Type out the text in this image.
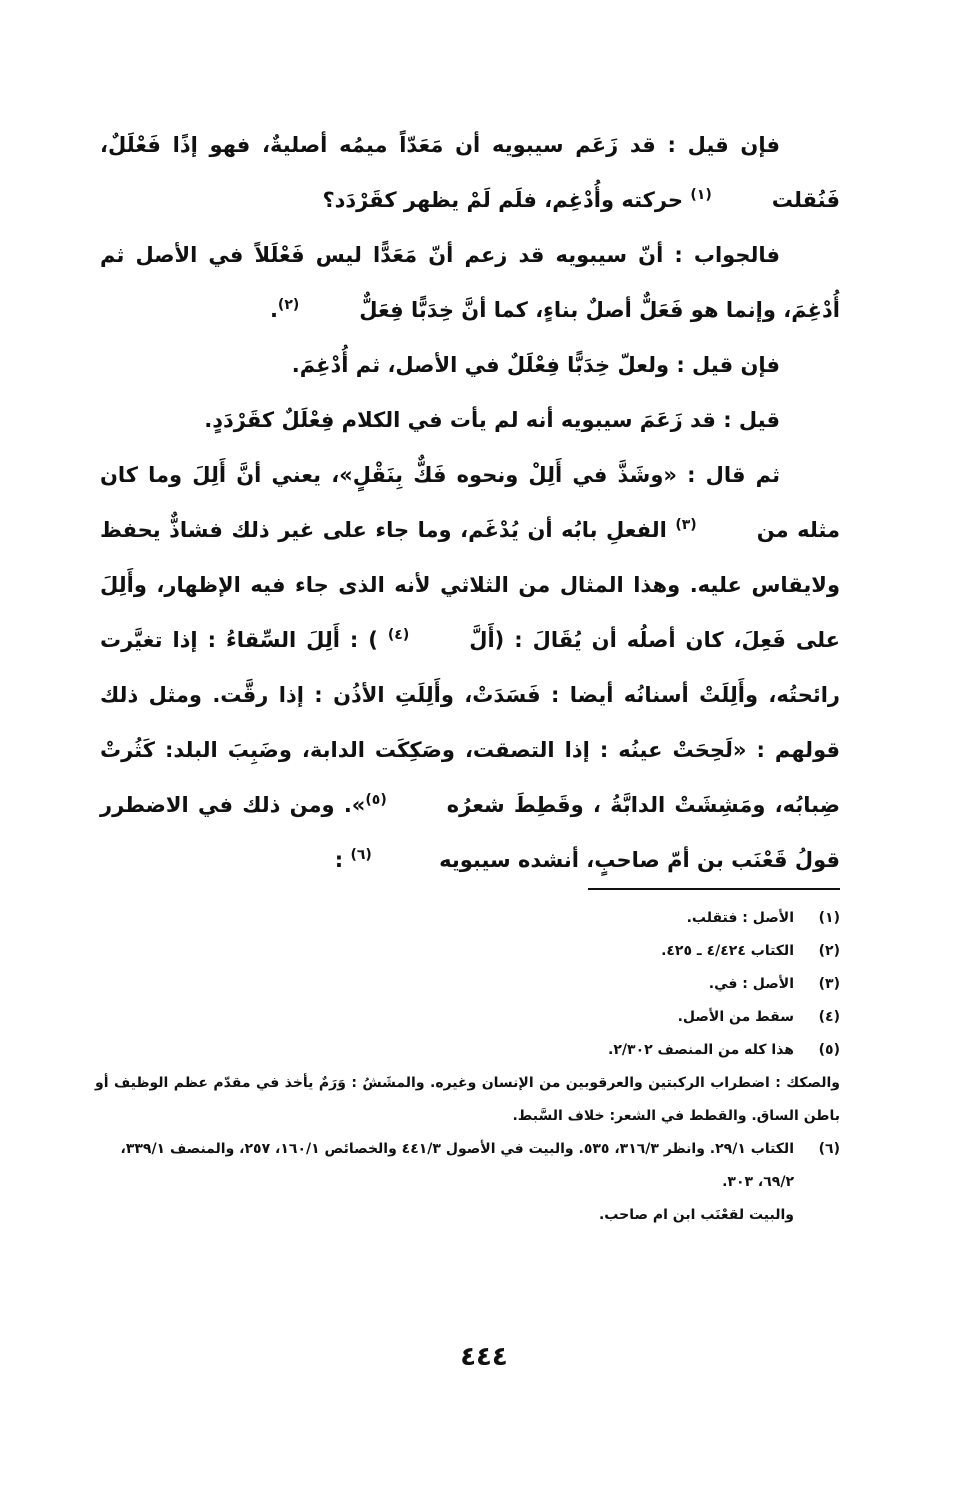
فإن قيل : قد زَعَم سيبويه أن مَعَدّاً ميمُه أصليةٌ، فهو إذًا فَعْلَلٌ، فَنُقلت(١) حركته وأُدْغِم، فلَم لَمْ يظهر كقَرْدَد؟

فالجواب : أنّ سيبويه قد زعم أنّ مَعَدًّا ليس فَعْلَلاً في الأصل ثم أُدْغِمَ، وإنما هو فَعَلٌّ أصلٌ بناءٍ، كما أنَّ خِدَبًّا فِعَلٌّ(٢).

فإن قيل : ولعلّ خِدَبًّا فِعْلَلٌ في الأصل، ثم أُدْغِمَ.

قيل : قد زَعَمَ سيبويه أنه لم يأت في الكلام فِعْلَلٌ كقَرْدَدٍ.

ثم قال : «وشَذَّ في أَلِلْ ونحوه فَكٌّ بِنَقْلٍ»، يعني أنَّ أَلِلَ وما كان مثله من(٣) الفعلِ بابُه أن يُدْغَم، وما جاء على غير ذلك فشاذٌّ يحفظ ولايقاس عليه. وهذا المثال من الثلاثي لأنه الذى جاء فيه الإظهار، وأَلِلَ على فَعِلَ، كان أصلُه أن يُقَالَ : (أَلَّ(٤) ) : أَلِلَ السِّقاءُ : إذا تغيَّرت رائحتُه، وأَلِلَتْ أسنانُه أيضا : فَسَدَتْ، وأَلِلَتِ الأذُن : إذا رقَّت. ومثل ذلك قولهم : «لَحِحَتْ عينُه : إذا التصقت، وصَكِكَت الدابة، وضَبِبَ البلد: كَثُرتْ ضِبابُه، ومَشِشَتْ الدابَّةُ ، وقَطِطَ شعرُه(٥)». ومن ذلك في الاضطرر قولُ قَعْنَب بن أمّ صاحبٍ، أنشده سيبويه (٦) :

(١)
الأصل : فتقلب.
(٢)
الكتاب ٤/٤٢٤ ـ ٤٢٥.
(٣)
الأصل : في.
(٤)
سقط من الأصل.
(٥)
هذا كله من المنصف ٢/٣٠٢.
والصكك : اضطراب الركبتين والعرقوبين من الإنسان وغيره. والمشَشُ : وَرَمٌ يأخذ في مقدّم عظم الوظيف أو باطن الساق. والقطط في الشعر: خلاف السَّبط.
(٦)
الكتاب ٢٩/١. وانظر ٣١٦/٣، ٥٣٥. والبيت في الأصول ٤٤١/٣ والخصائص ١٦٠/١، ٢٥٧، والمنصف ٣٣٩/١، ٦٩/٢، ٣٠٣.
والبيت لقعْنَب ابن ام صاحب.
٤٤٤
